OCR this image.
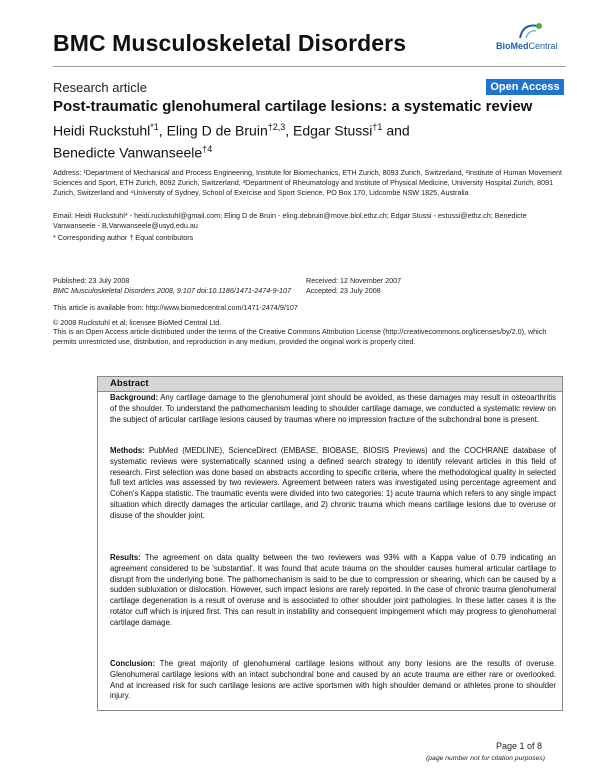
BMC Musculoskeletal Disorders	BioMedCentral
Research article	Open Access
Post-traumatic glenohumeral cartilage lesions: a systematic review
Heidi Ruckstuhl$^{*1}$, Eling D de Bruin$^{\dagger 2,3}$, Edgar Stussi$^{\dagger 1}$ and
Benedicte Vanwanseele$^{\dagger 4}$
Address: ¹Department of Mechanical and Process Engineering, Institute for Biomechanics, ETH Zurich, 8093 Zurich, Switzerland, ²Institute of Human Movement Sciences and Sport, ETH Zurich, 8092 Zurich, Switzerland, ³Department of Rheumatology and Institute of Physical Medicine, University Hospital Zurich, 8091 Zurich, Switzerland and ⁴University of Sydney, School of Exercise and Sport Science, PO Box 170, Lidcombe NSW 1825, Australia
Email: Heidi Ruckstuhl* - heidi.ruckstuhl@gmail.com; Eling D de Bruin - eling.debruin@move.biol.ethz.ch; Edgar Stussi - estussi@ethz.ch; Benedicte Vanwanseele - B.Vanwanseele@usyd.edu.au
* Corresponding author † Equal contributors
Published: 23 July 2008
BMC Musculoskeletal Disorders 2008, 9:107 doi:10.1186/1471-2474-9-107
Received: 12 November 2007
Accepted: 23 July 2008
This article is available from: http://www.biomedcentral.com/1471-2474/9/107
© 2008 Ruckstuhl et al; licensee BioMed Central Ltd.
This is an Open Access article distributed under the terms of the Creative Commons Attribution License (http://creativecommons.org/licenses/by/2.0), which permits unrestricted use, distribution, and reproduction in any medium, provided the original work is properly cited.
Abstract
Background: Any cartilage damage to the glenohumeral joint should be avoided, as these damages may result in osteoarthritis of the shoulder. To understand the pathomechanism leading to shoulder cartilage damage, we conducted a systematic review on the subject of articular cartilage lesions caused by traumas where no impression fracture of the subchondral bone is present.
Methods: PubMed (MEDLINE), ScienceDirect (EMBASE, BIOBASE, BIOSIS Previews) and the COCHRANE database of systematic reviews were systematically scanned using a defined search strategy to identify relevant articles in this field of research. First selection was done based on abstracts according to specific criteria, where the methodological quality in selected full text articles was assessed by two reviewers. Agreement between raters was investigated using percentage agreement and Cohen's Kappa statistic. The traumatic events were divided into two categories: 1) acute trauma which refers to any single impact situation which directly damages the articular cartilage, and 2) chronic trauma which means cartilage lesions due to overuse or disuse of the shoulder joint.
Results: The agreement on data quality between the two reviewers was 93% with a Kappa value of 0.79 indicating an agreement considered to be 'substantial'. It was found that acute trauma on the shoulder causes humeral articular cartilage to disrupt from the underlying bone. The pathomechanism is said to be due to compression or shearing, which can be caused by a sudden subluxation or dislocation. However, such impact lesions are rarely reported. In the case of chronic trauma glenohumeral cartilage degeneration is a result of overuse and is associated to other shoulder joint pathologies. In these latter cases it is the rotator cuff which is injured first. This can result in instability and consequent impingement which may progress to glenohumeral cartilage damage.
Conclusion: The great majority of glenohumeral cartilage lesions without any bony lesions are the results of overuse. Glenohumeral cartilage lesions with an intact subchondral bone and caused by an acute trauma are either rare or overlooked. And at increased risk for such cartilage lesions are active sportsmen with high shoulder demand or athletes prone to shoulder injury.
Page 1 of 8
(page number not for citation purposes)
